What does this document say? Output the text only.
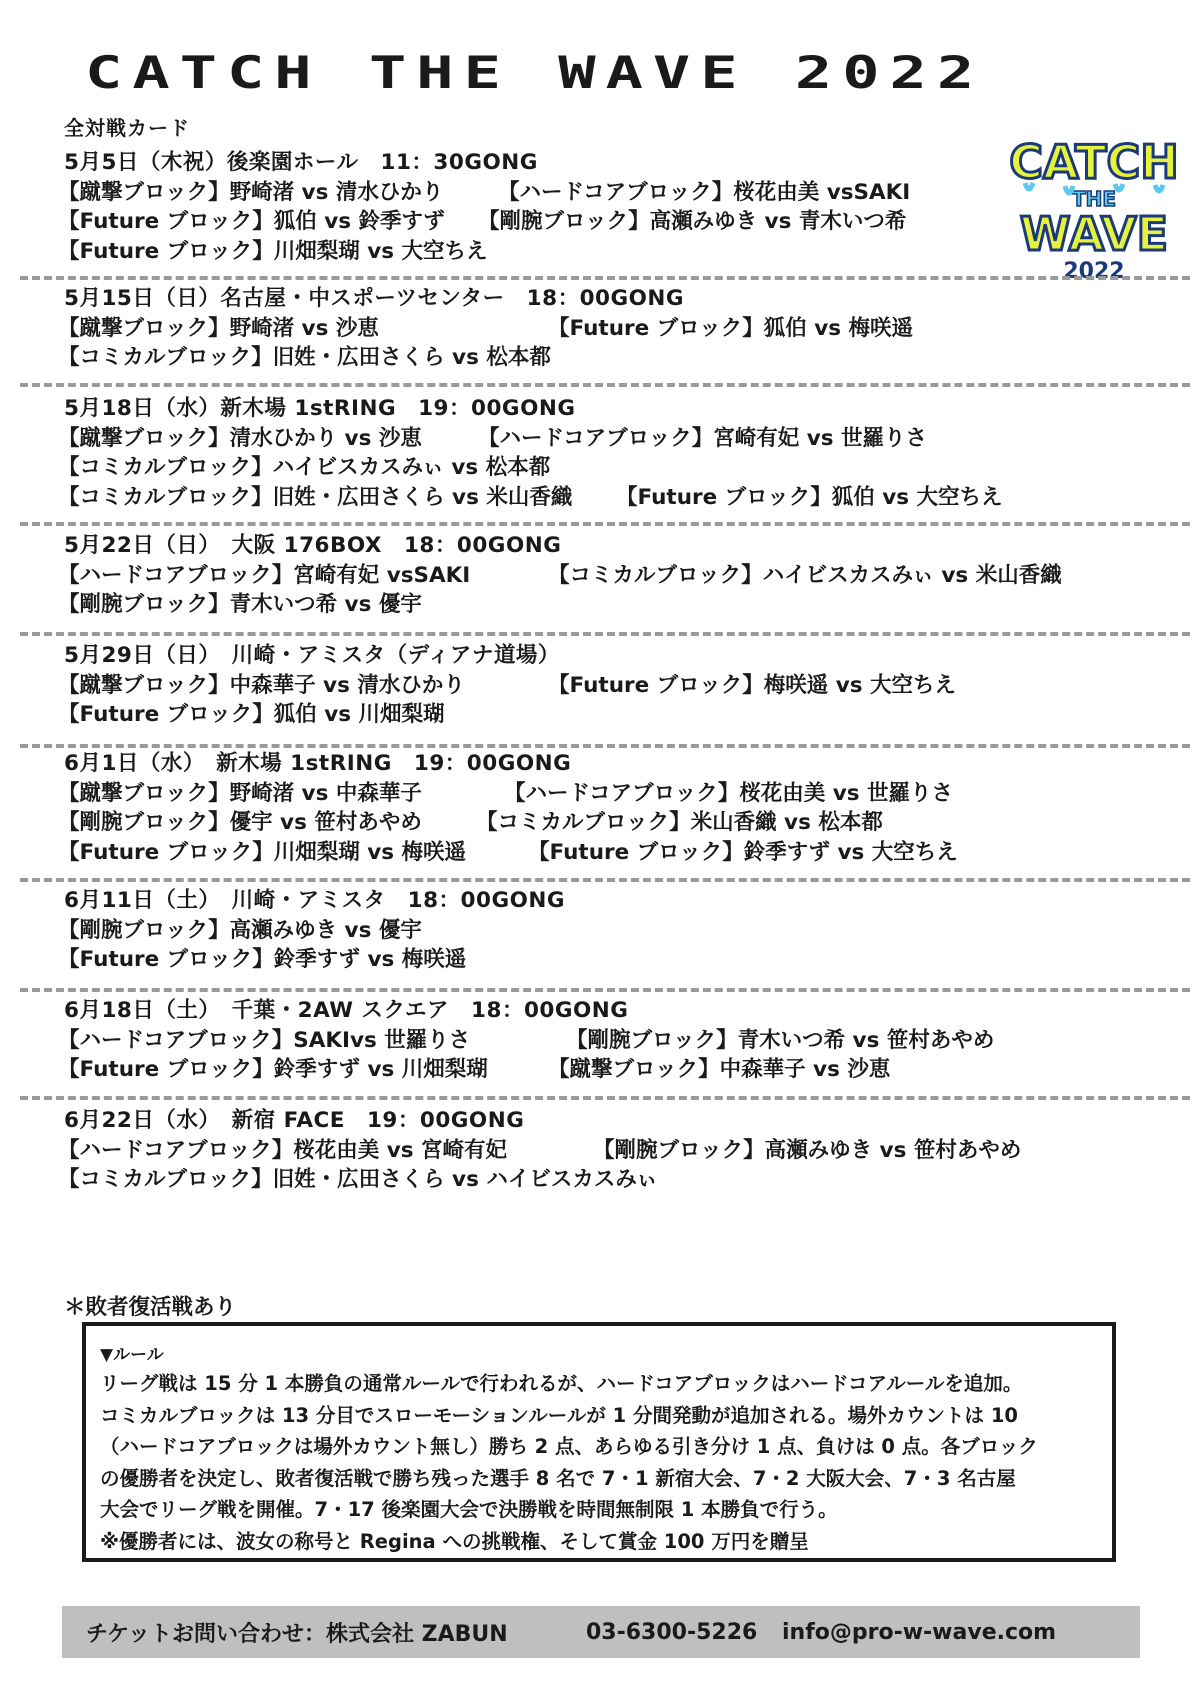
CATCH THE WAVE 2022
全対戦カード
CATCH
THE
WAVE
2022
5月5日（木祝）後楽園ホール　11：30GONG
【蹴撃ブロック】野崎渚 vs 清水ひかり	【ハードコアブロック】桜花由美 vsSAKI
【Future ブロック】狐伯 vs 鈴季すず	【剛腕ブロック】高瀬みゆき vs 青木いつ希
【Future ブロック】川畑梨瑚 vs 大空ちえ
5月15日（日）名古屋・中スポーツセンター　18：00GONG
【蹴撃ブロック】野崎渚 vs 沙恵	【Future ブロック】狐伯 vs 梅咲遥
【コミカルブロック】旧姓・広田さくら vs 松本都
5月18日（水）新木場 1stRING　19：00GONG
【蹴撃ブロック】清水ひかり vs 沙恵	【ハードコアブロック】宮崎有妃 vs 世羅りさ
【コミカルブロック】ハイビスカスみぃ vs 松本都
【コミカルブロック】旧姓・広田さくら vs 米山香織	【Future ブロック】狐伯 vs 大空ちえ
5月22日（日）　大阪 176BOX　18：00GONG
【ハードコアブロック】宮崎有妃 vsSAKI	【コミカルブロック】ハイビスカスみぃ vs 米山香織
【剛腕ブロック】青木いつ希 vs 優宇
5月29日（日）　川崎・アミスタ（ディアナ道場）
【蹴撃ブロック】中森華子 vs 清水ひかり	【Future ブロック】梅咲遥 vs 大空ちえ
【Future ブロック】狐伯 vs 川畑梨瑚
6月1日（水）　新木場 1stRING　19：00GONG
【蹴撃ブロック】野崎渚 vs 中森華子	【ハードコアブロック】桜花由美 vs 世羅りさ
【剛腕ブロック】優宇 vs 笹村あやめ	【コミカルブロック】米山香織 vs 松本都
【Future ブロック】川畑梨瑚 vs 梅咲遥	【Future ブロック】鈴季すず vs 大空ちえ
6月11日（土）　川崎・アミスタ　18：00GONG
【剛腕ブロック】高瀬みゆき vs 優宇
【Future ブロック】鈴季すず vs 梅咲遥
6月18日（土）　千葉・2AW スクエア　18：00GONG
【ハードコアブロック】SAKIvs 世羅りさ	【剛腕ブロック】青木いつ希 vs 笹村あやめ
【Future ブロック】鈴季すず vs 川畑梨瑚	【蹴撃ブロック】中森華子 vs 沙恵
6月22日（水）　新宿 FACE　19：00GONG
【ハードコアブロック】桜花由美 vs 宮崎有妃	【剛腕ブロック】高瀬みゆき vs 笹村あやめ
【コミカルブロック】旧姓・広田さくら vs ハイビスカスみぃ
＊敗者復活戦あり

▼ルール

リーグ戦は 15 分 1 本勝負の通常ルールで行われるが、ハードコアブロックはハードコアルールを追加。

コミカルブロックは 13 分目でスローモーションルールが 1 分間発動が追加される。場外カウントは 10

（ハードコアブロックは場外カウント無し）勝ち 2 点、あらゆる引き分け 1 点、負けは 0 点。各ブロック

の優勝者を決定し、敗者復活戦で勝ち残った選手 8 名で 7・1 新宿大会、7・2 大阪大会、7・3 名古屋

大会でリーグ戦を開催。7・17 後楽園大会で決勝戦を時間無制限 1 本勝負で行う。

※優勝者には、波女の称号と Regina への挑戦権、そして賞金 100 万円を贈呈

チケットお問い合わせ：株式会社 ZABUN	03-6300-5226	info@pro-w-wave.com
